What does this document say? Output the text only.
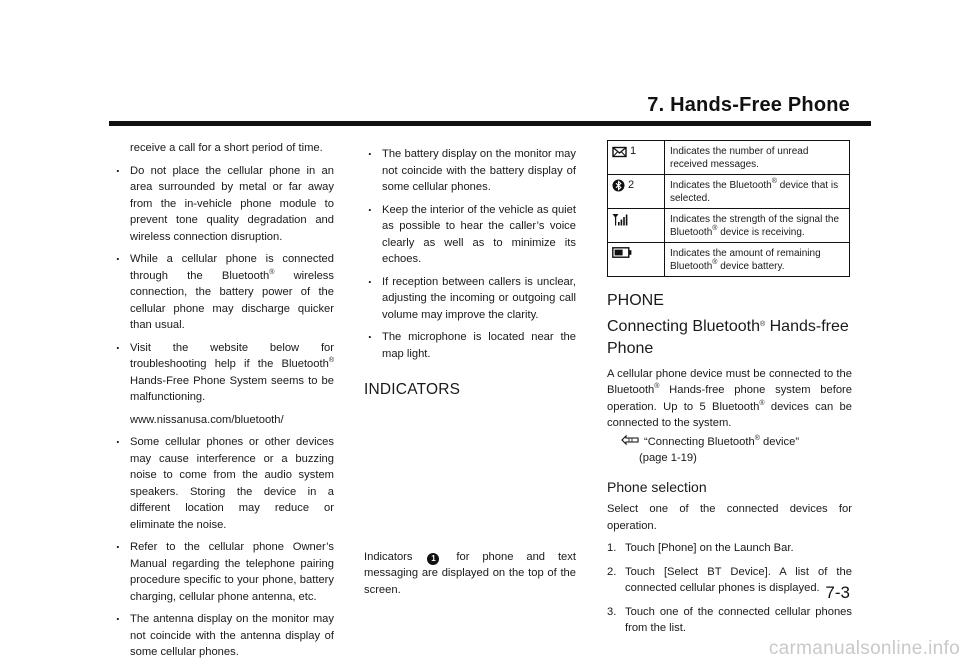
7. Hands-Free Phone

receive a call for a short period of time.

. Do not place the cellular phone in an area surrounded by metal or far away from the in-vehicle phone module to prevent tone quality degradation and wireless connection disruption.
. While a cellular phone is connected through the Bluetooth® wireless connection, the battery power of the cellular phone may discharge quicker than usual.
. Visit the website below for troubleshooting help if the Bluetooth® Hands-Free Phone System seems to be malfunctioning.
www.nissanusa.com/bluetooth/
. Some cellular phones or other devices may cause interference or a buzzing noise to come from the audio system speakers. Storing the device in a different location may reduce or eliminate the noise.
. Refer to the cellular phone Owner’s Manual regarding the telephone pairing procedure specific to your phone, battery charging, cellular phone antenna, etc.
. The antenna display on the monitor may not coincide with the antenna display of some cellular phones.
. The battery display on the monitor may not coincide with the battery display of some cellular phones.
. Keep the interior of the vehicle as quiet as possible to hear the caller’s voice clearly as well as to minimize its echoes.
. If reception between callers is unclear, adjusting the incoming or outgoing call volume may improve the clarity.
. The microphone is located near the map light.
INDICATORS

Indicators 1 for phone and text messaging are displayed on the top of the screen.

1	Indicates the number of unread received messages.

2	Indicates the Bluetooth® device that is selected.

	Indicates the strength of the signal the Bluetooth® device is receiving.

	Indicates the amount of remaining Bluetooth® device battery.
PHONE
Connecting Bluetooth® Hands-free Phone

A cellular phone device must be connected to the Bluetooth® Hands-free phone system before operation. Up to 5 Bluetooth® devices can be connected to the system.

“Connecting Bluetooth® device”
(page 1-19)
Phone selection

Select one of the connected devices for operation.

1. Touch [Phone] on the Launch Bar.
2. Touch [Select BT Device]. A list of the connected cellular phones is displayed.
3. Touch one of the connected cellular phones from the list.
7-3
carmanualsonline.info
